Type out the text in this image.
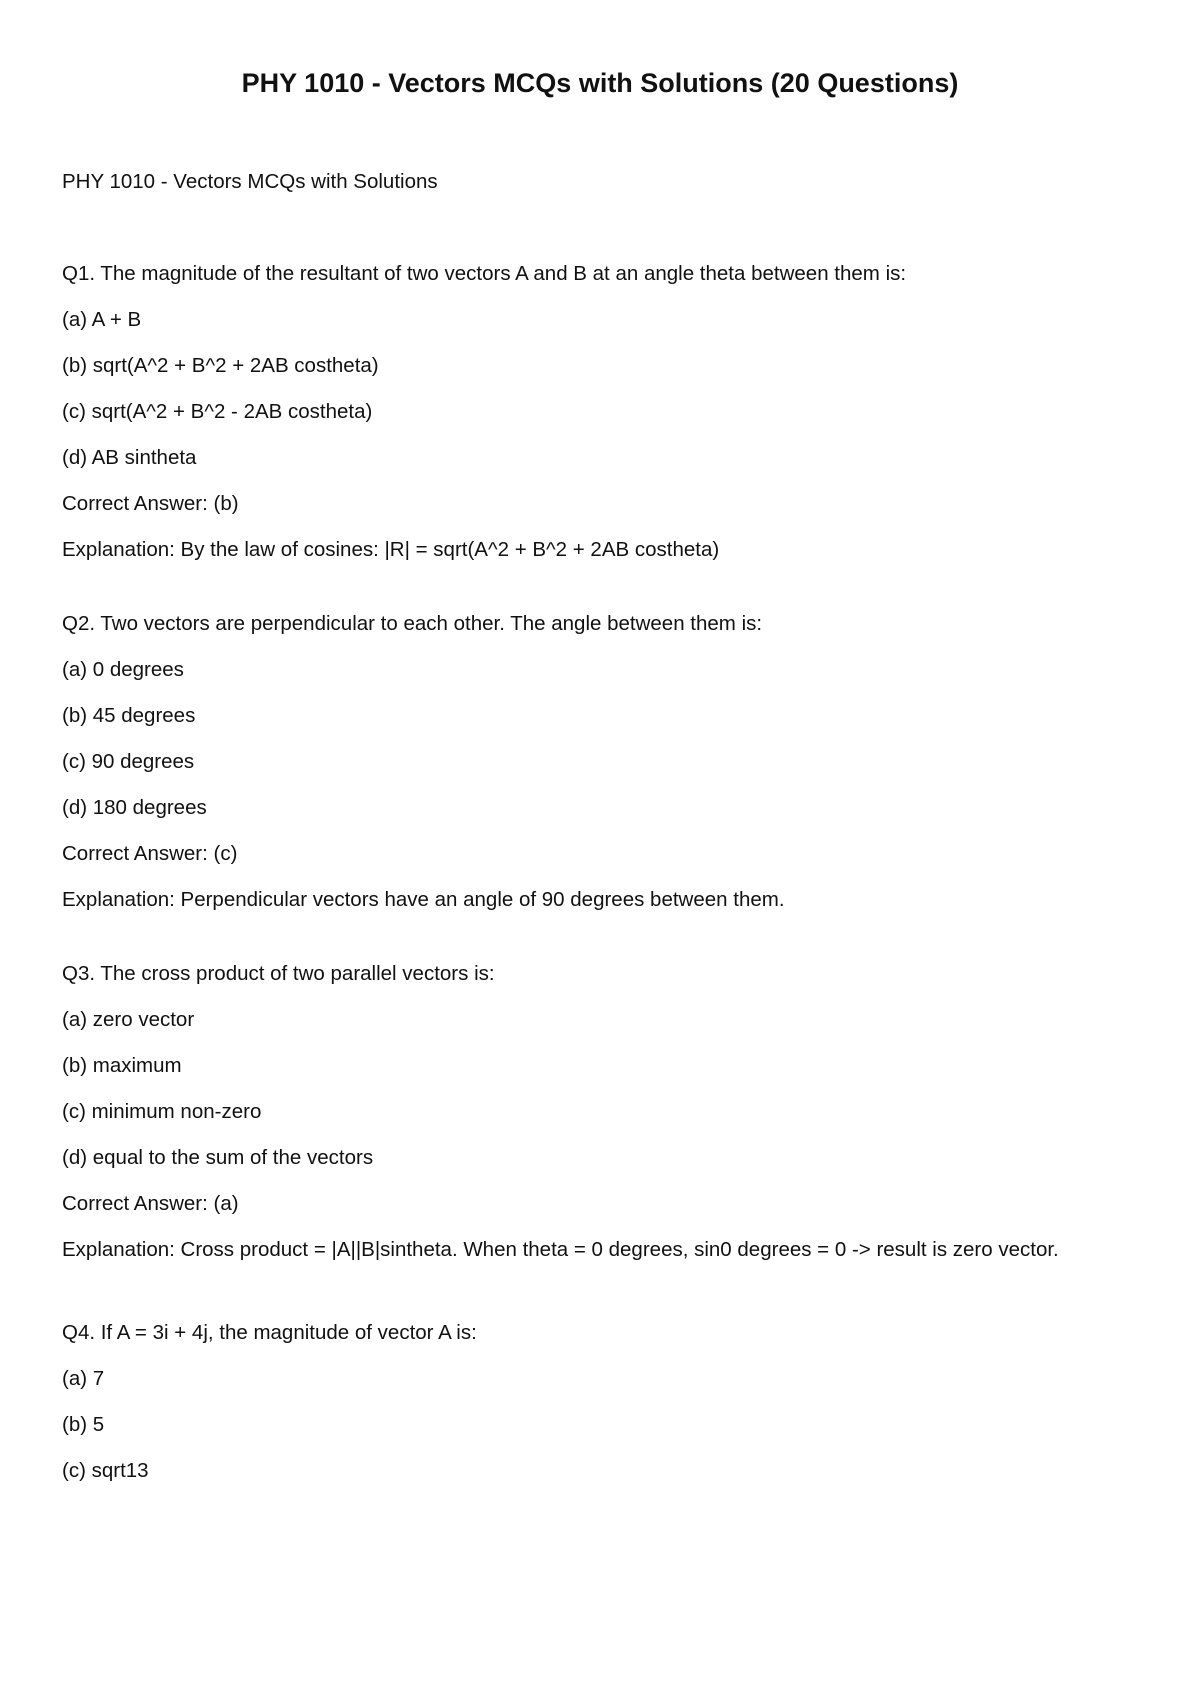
PHY 1010 - Vectors MCQs with Solutions (20 Questions)

PHY 1010 - Vectors MCQs with Solutions

Q1. The magnitude of the resultant of two vectors A and B at an angle theta between them is:

(a) A + B

(b) sqrt(A^2 + B^2 + 2AB costheta)

(c) sqrt(A^2 + B^2 - 2AB costheta)

(d) AB sintheta

Correct Answer: (b)

Explanation: By the law of cosines: |R| = sqrt(A^2 + B^2 + 2AB costheta)

Q2. Two vectors are perpendicular to each other. The angle between them is:

(a) 0 degrees

(b) 45 degrees

(c) 90 degrees

(d) 180 degrees

Correct Answer: (c)

Explanation: Perpendicular vectors have an angle of 90 degrees between them.

Q3. The cross product of two parallel vectors is:

(a) zero vector

(b) maximum

(c) minimum non-zero

(d) equal to the sum of the vectors

Correct Answer: (a)

Explanation: Cross product = |A||B|sintheta. When theta = 0 degrees, sin0 degrees = 0 -> result is zero vector.

Q4. If A = 3i + 4j, the magnitude of vector A is:

(a) 7

(b) 5

(c) sqrt13
